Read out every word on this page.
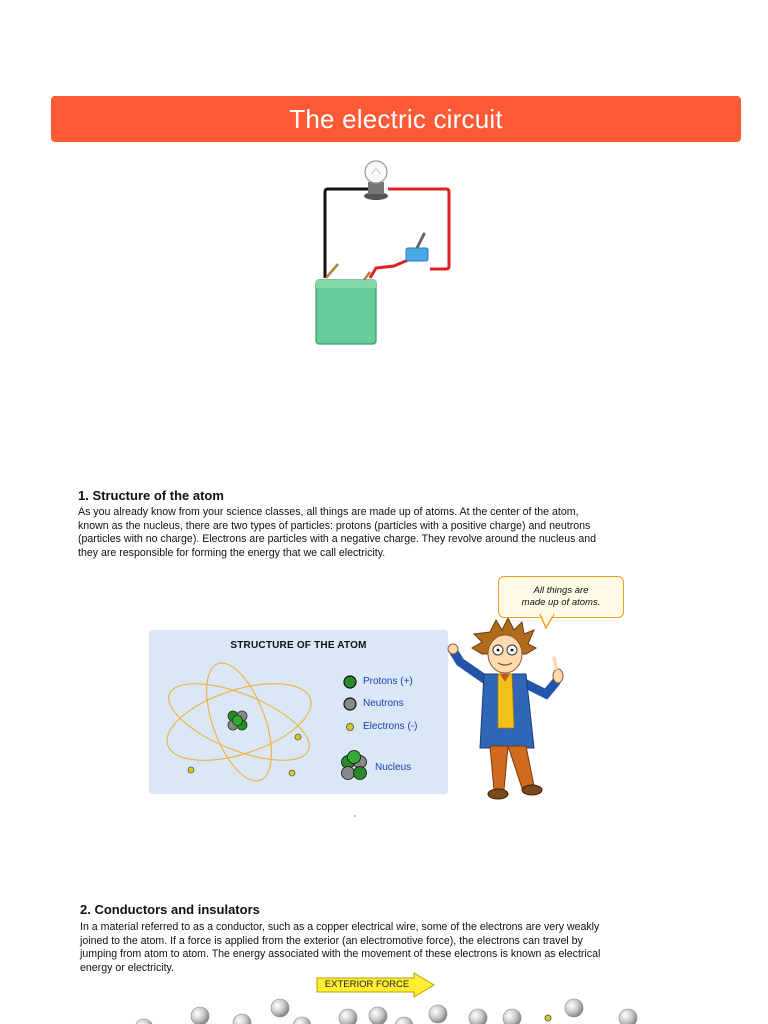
The electric circuit
1. Structure of the atom

As you already know from your science classes, all things are made up of atoms. At the center of the atom,

known as the nucleus, there are two types of particles: protons (particles with a positive charge) and neutrons

(particles with no charge). Electrons are particles with a negative charge. They revolve around the nucleus and

they are responsible for forming the energy that we call electricity.

STRUCTURE OF THE ATOM
Protons (+)
Neutrons
Electrons (-)
Nucleus
All things are
made up of atoms.
2. Conductors and insulators

In a material referred to as a conductor, such as a copper electrical wire, some of the electrons are very weakly

joined to the atom. If a force is applied from the exterior (an electromotive force), the electrons can travel by

jumping from atom to atom. The energy associated with the movement of these electrons is known as electrical

energy or electricity.

EXTERIOR FORCE
